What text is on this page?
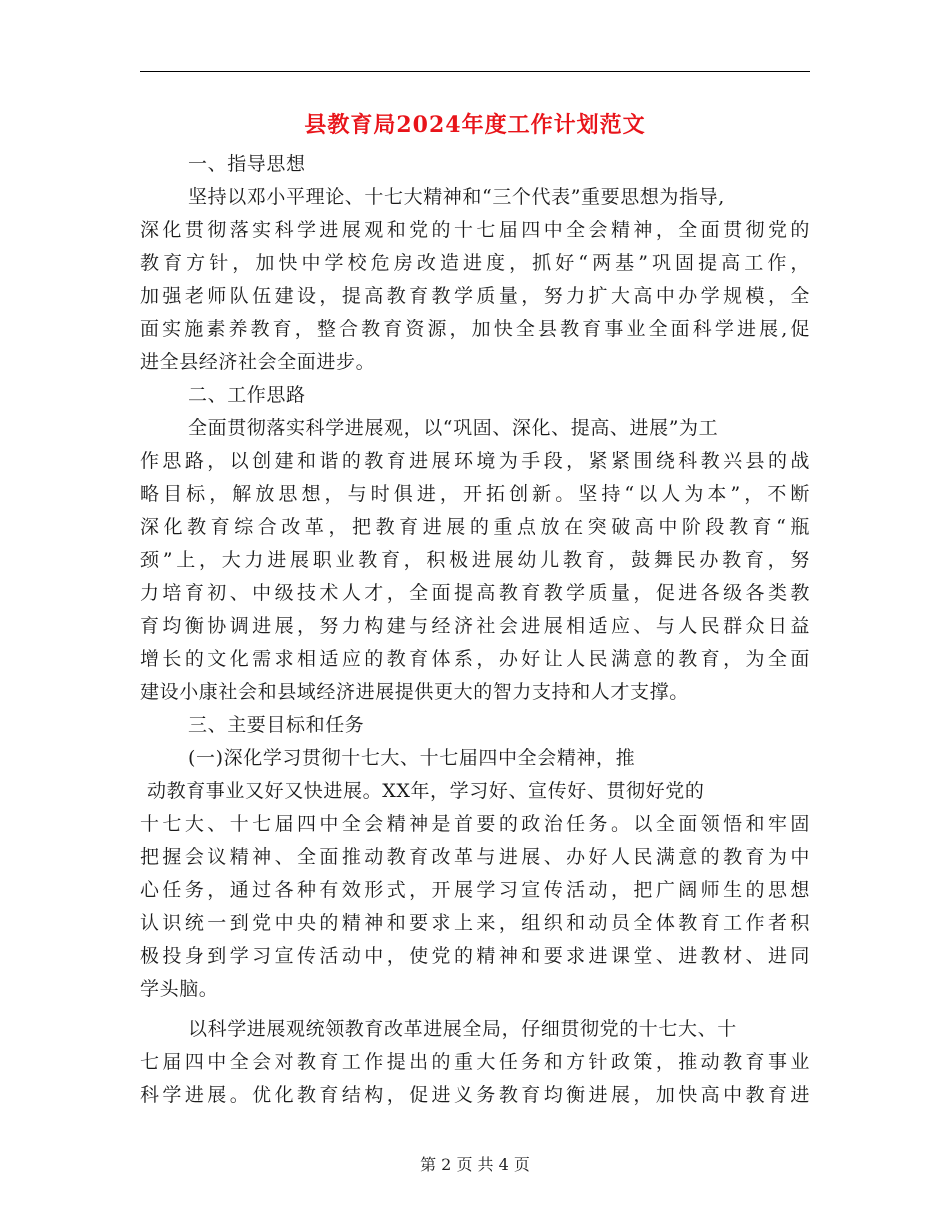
县教育局2024年度工作计划范文
一、指导思想
坚持以邓小平理论、十七大精神和“三个代表”重要思想为指导,
深化贯彻落实科学进展观和党的十七届四中全会精神，全面贯彻党的
教育方针，加快中学校危房改造进度，抓好“两基”巩固提高工作，
加强老师队伍建设，提高教育教学质量，努力扩大高中办学规模，全
面实施素养教育，整合教育资源，加快全县教育事业全面科学进展,促
进全县经济社会全面进步。
二、工作思路
全面贯彻落实科学进展观，以“巩固、深化、提高、进展”为工
作思路，以创建和谐的教育进展环境为手段，紧紧围绕科教兴县的战
略目标，解放思想，与时俱进，开拓创新。坚持“以人为本”，不断
深化教育综合改革，把教育进展的重点放在突破高中阶段教育“瓶
颈”上，大力进展职业教育，积极进展幼儿教育，鼓舞民办教育，努
力培育初、中级技术人才，全面提高教育教学质量，促进各级各类教
育均衡协调进展，努力构建与经济社会进展相适应、与人民群众日益
增长的文化需求相适应的教育体系，办好让人民满意的教育，为全面
建设小康社会和县域经济进展提供更大的智力支持和人才支撑。
三、主要目标和任务
(一)深化学习贯彻十七大、十七届四中全会精神，推
动教育事业又好又快进展。XX年，学习好、宣传好、贯彻好党的
十七大、十七届四中全会精神是首要的政治任务。以全面领悟和牢固
把握会议精神、全面推动教育改革与进展、办好人民满意的教育为中
心任务，通过各种有效形式，开展学习宣传活动，把广阔师生的思想
认识统一到党中央的精神和要求上来，组织和动员全体教育工作者积
极投身到学习宣传活动中，使党的精神和要求进课堂、进教材、进同
学头脑。
以科学进展观统领教育改革进展全局，仔细贯彻党的十七大、十
七届四中全会对教育工作提出的重大任务和方针政策，推动教育事业
科学进展。优化教育结构，促进义务教育均衡进展，加快高中教育进
第 2 页 共 4 页
